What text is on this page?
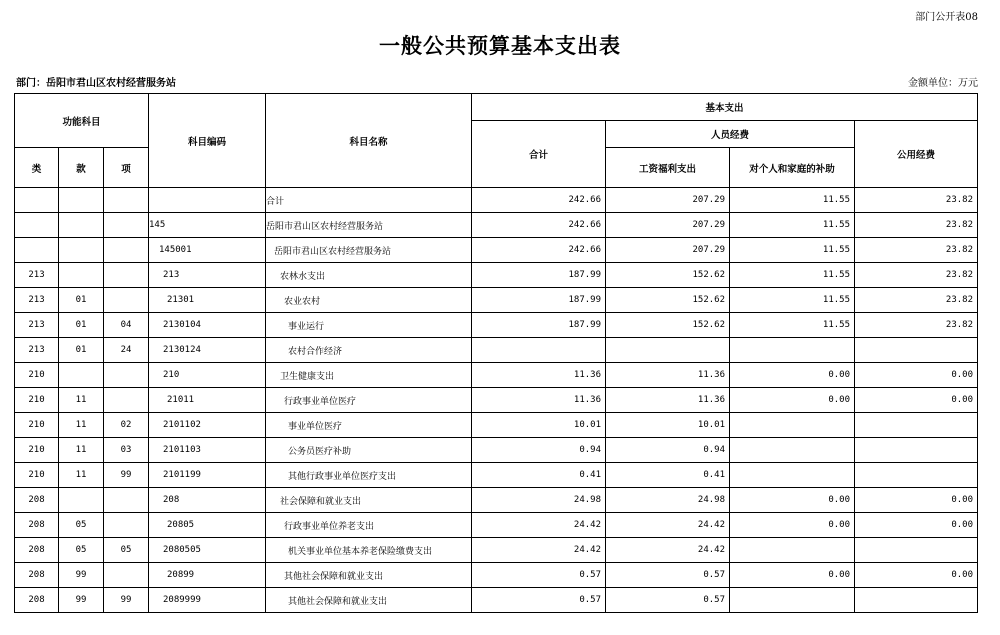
部门公开表08
一般公共预算基本支出表
部门：岳阳市君山区农村经营服务站	金额单位：万元
功能科目			科目编码	科目名称	基本支出			
					合计	人员经费		公用经费
类	款	项				工资福利支出	对个人和家庭的补助	
				合计	242.66	207.29	11.55	23.82
			145	岳阳市君山区农村经营服务站	242.66	207.29	11.55	23.82
			145001	岳阳市君山区农村经营服务站	242.66	207.29	11.55	23.82
213			213	农林水支出	187.99	152.62	11.55	23.82
213	01		21301	农业农村	187.99	152.62	11.55	23.82
213	01	04	2130104	事业运行	187.99	152.62	11.55	23.82
213	01	24	2130124	农村合作经济				
210			210	卫生健康支出	11.36	11.36	0.00	0.00
210	11		21011	行政事业单位医疗	11.36	11.36	0.00	0.00
210	11	02	2101102	事业单位医疗	10.01	10.01		
210	11	03	2101103	公务员医疗补助	0.94	0.94		
210	11	99	2101199	其他行政事业单位医疗支出	0.41	0.41		
208			208	社会保障和就业支出	24.98	24.98	0.00	0.00
208	05		20805	行政事业单位养老支出	24.42	24.42	0.00	0.00
208	05	05	2080505	机关事业单位基本养老保险缴费支出	24.42	24.42		
208	99		20899	其他社会保障和就业支出	0.57	0.57	0.00	0.00
208	99	99	2089999	其他社会保障和就业支出	0.57	0.57		
